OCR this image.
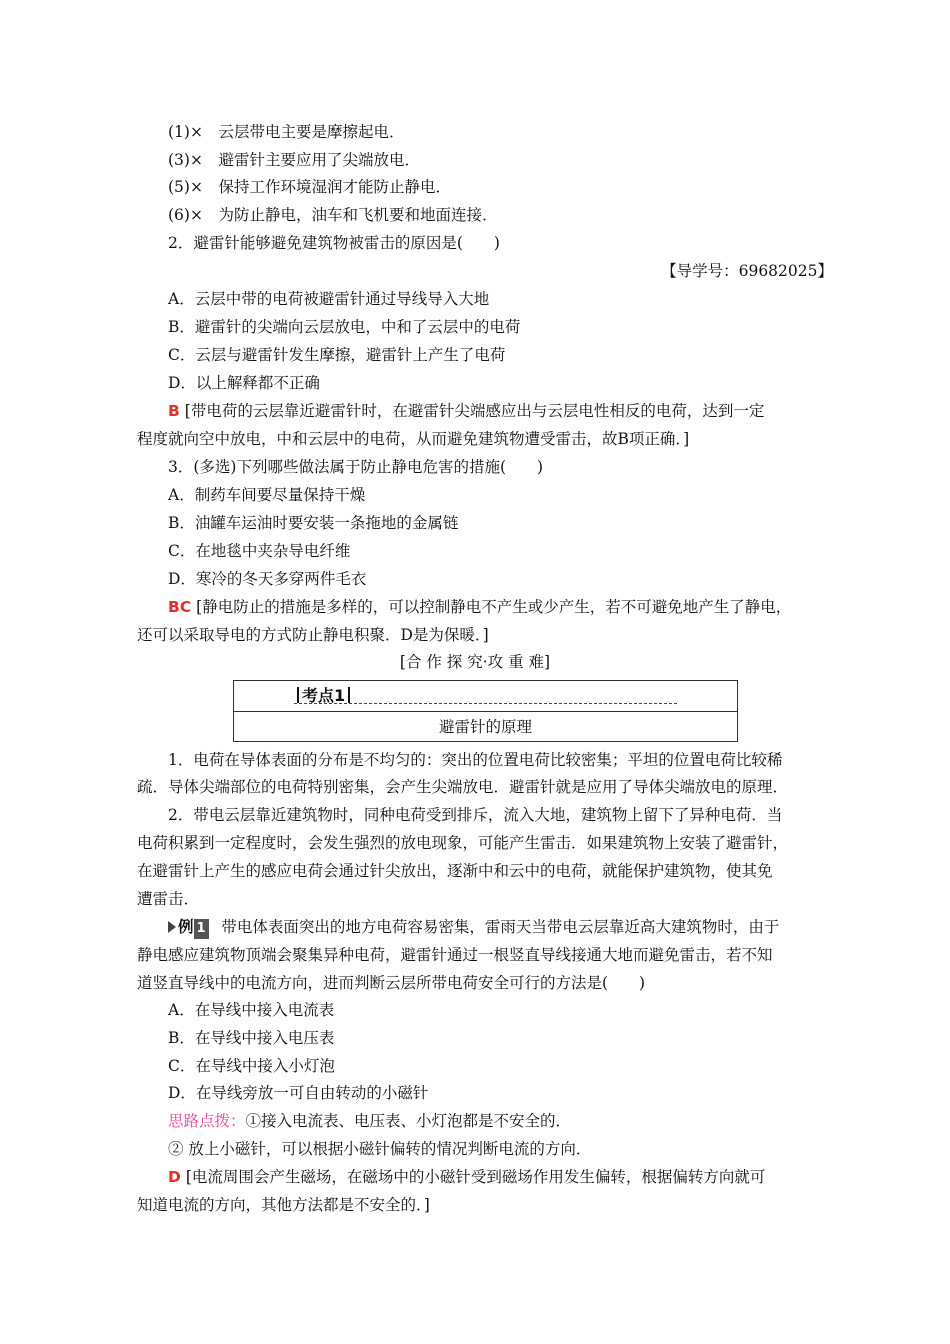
(1)×　云层带电主要是摩擦起电．
(3)×　避雷针主要应用了尖端放电．
(5)×　保持工作环境湿润才能防止静电．
(6)×　为防止静电，油车和飞机要和地面连接．
2．避雷针能够避免建筑物被雷击的原因是(　　)
【导学号：69682025】
A．云层中带的电荷被避雷针通过导线导入大地
B．避雷针的尖端向云层放电，中和了云层中的电荷
C．云层与避雷针发生摩擦，避雷针上产生了电荷
D．以上解释都不正确
B [带电荷的云层靠近避雷针时，在避雷针尖端感应出与云层电性相反的电荷，达到一定
程度就向空中放电，中和云层中的电荷，从而避免建筑物遭受雷击，故B项正确．]
3．(多选)下列哪些做法属于防止静电危害的措施(　　)
A．制药车间要尽量保持干燥
B．油罐车运油时要安装一条拖地的金属链
C．在地毯中夹杂导电纤维
D．寒冷的冬天多穿两件毛衣
BC [静电防止的措施是多样的，可以控制静电不产生或少产生，若不可避免地产生了静电，
还可以采取导电的方式防止静电积聚．D是为保暖．]
[合 作 探 究·攻 重 难]
考点1
避雷针的原理
1．电荷在导体表面的分布是不均匀的：突出的位置电荷比较密集；平坦的位置电荷比较稀
疏．导体尖端部位的电荷特别密集，会产生尖端放电．避雷针就是应用了导体尖端放电的原理．
2．带电云层靠近建筑物时，同种电荷受到排斥，流入大地，建筑物上留下了异种电荷．当
电荷积累到一定程度时，会发生强烈的放电现象，可能产生雷击．如果建筑物上安装了避雷针，
在避雷针上产生的感应电荷会通过针尖放出，逐渐中和云中的电荷，就能保护建筑物，使其免
遭雷击．
例 1 带电体表面突出的地方电荷容易密集，雷雨天当带电云层靠近高大建筑物时，由于
静电感应建筑物顶端会聚集异种电荷，避雷针通过一根竖直导线接通大地而避免雷击，若不知
道竖直导线中的电流方向，进而判断云层所带电荷安全可行的方法是(　　)
A．在导线中接入电流表
B．在导线中接入电压表
C．在导线中接入小灯泡
D．在导线旁放一可自由转动的小磁针
思路点拨：①接入电流表、电压表、小灯泡都是不安全的．
② 放上小磁针，可以根据小磁针偏转的情况判断电流的方向．
D [电流周围会产生磁场，在磁场中的小磁针受到磁场作用发生偏转，根据偏转方向就可
知道电流的方向，其他方法都是不安全的．]
